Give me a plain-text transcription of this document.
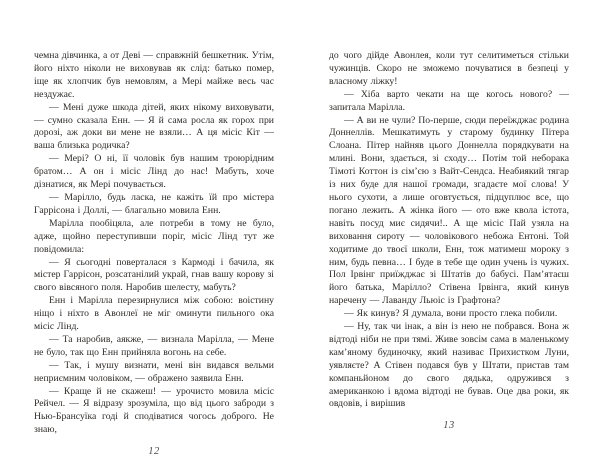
чемна дівчинка, а от Деві — справжній бешкетник. Утім, його ніхто ніколи не виховував як слід: батько помер, іще як хлопчик був немовлям, а Мері майже весь час нездужає.

— Мені дуже шкода дітей, яких нікому виховувати, — сумно сказала Енн. — Я й сама росла як горох при дорозі, аж доки ви мене не взяли… А ця місіс Кіт — ваша близька родичка?

— Мері? О ні, її чоловік був нашим троюрідним братом… А он і місіс Лінд до нас! Мабуть, хоче дізнатися, як Мері почувається.

— Марілло, будь ласка, не кажіть їй про містера Гаррісона і Доллі, — благально мовила Енн.

Марілла пообіцяла, але потреби в тому не було, адже, щойно переступивши поріг, місіс Лінд тут же повідомила:

— Я сьогодні поверталася з Кармоді і бачила, як містер Гаррісон, розсатанілий украй, гнав вашу корову зі свого вівсяного поля. Наробив шелесту, мабуть?

Енн і Марілла перезирнулися між собою: воістину ніщо і ніхто в Авонлеї не міг оминути пильного ока місіс Лінд.

— Та наробив, аякже, — визнала Марілла, — Мене не було, так що Енн прийняла вогонь на себе.

— Так, і мушу визнати, мені він видався вельми неприємним чоловіком, — ображено заявила Енн.

— Краще й не скажеш! — урочисто мовила місіс Рейчел. — Я відразу зрозуміла, що від цього заброди з Нью-Брансуїка годі й сподіватися чогось доброго. Не знаю,

12

до чого дійде Авонлея, коли тут селитиметься стільки чужинців. Скоро не зможемо почуватися в безпеці у власному ліжку!

— Хіба варто чекати на ще когось нового? — запитала Марілла.

— А ви не чули? По-перше, сюди переїжджає родина Доннеллів. Мешкатимуть у старому будинку Пітера Слоана. Пітер найняв цього Доннелла порядкувати на млині. Вони, здається, зі сходу… Потім той неборака Тімоті Коттон із сім’єю з Вайт-Сендса. Неабиякий тягар із них буде для нашої громади, згадаєте мої слова! У нього сухоти, а лише оговтується, підцуплює все, що погано лежить. А жінка його — ото вже квола істота, навіть посуд миє сидячи!.. А ще місіс Пай узяла на виховання сироту — чоловікового небожа Ентоні. Той ходитиме до твоєї школи, Енн, тож матимеш мороку з ним, будь певна… І буде в тебе ще один учень із чужих. Пол Ірвінг приїжджає зі Штатів до бабусі. Пам’ятаєш його батька, Марілло? Стівена Ірвінга, який кинув наречену — Лаванду Льюіс із Графтона?

— Як кинув? Я думала, вони просто глека побили.

— Ну, так чи інак, а він із нею не побрався. Вона ж відтоді ніби не при тямі. Живе зовсім сама в маленькому кам’яному будиночку, який називає Прихистком Луни, уявляєте? А Стівен подався був у Штати, пристав там компаньйоном до свого дядька, одружився з американкою і вдома відтоді не бував. Оце два роки, як овдовів, і вирішив

13
